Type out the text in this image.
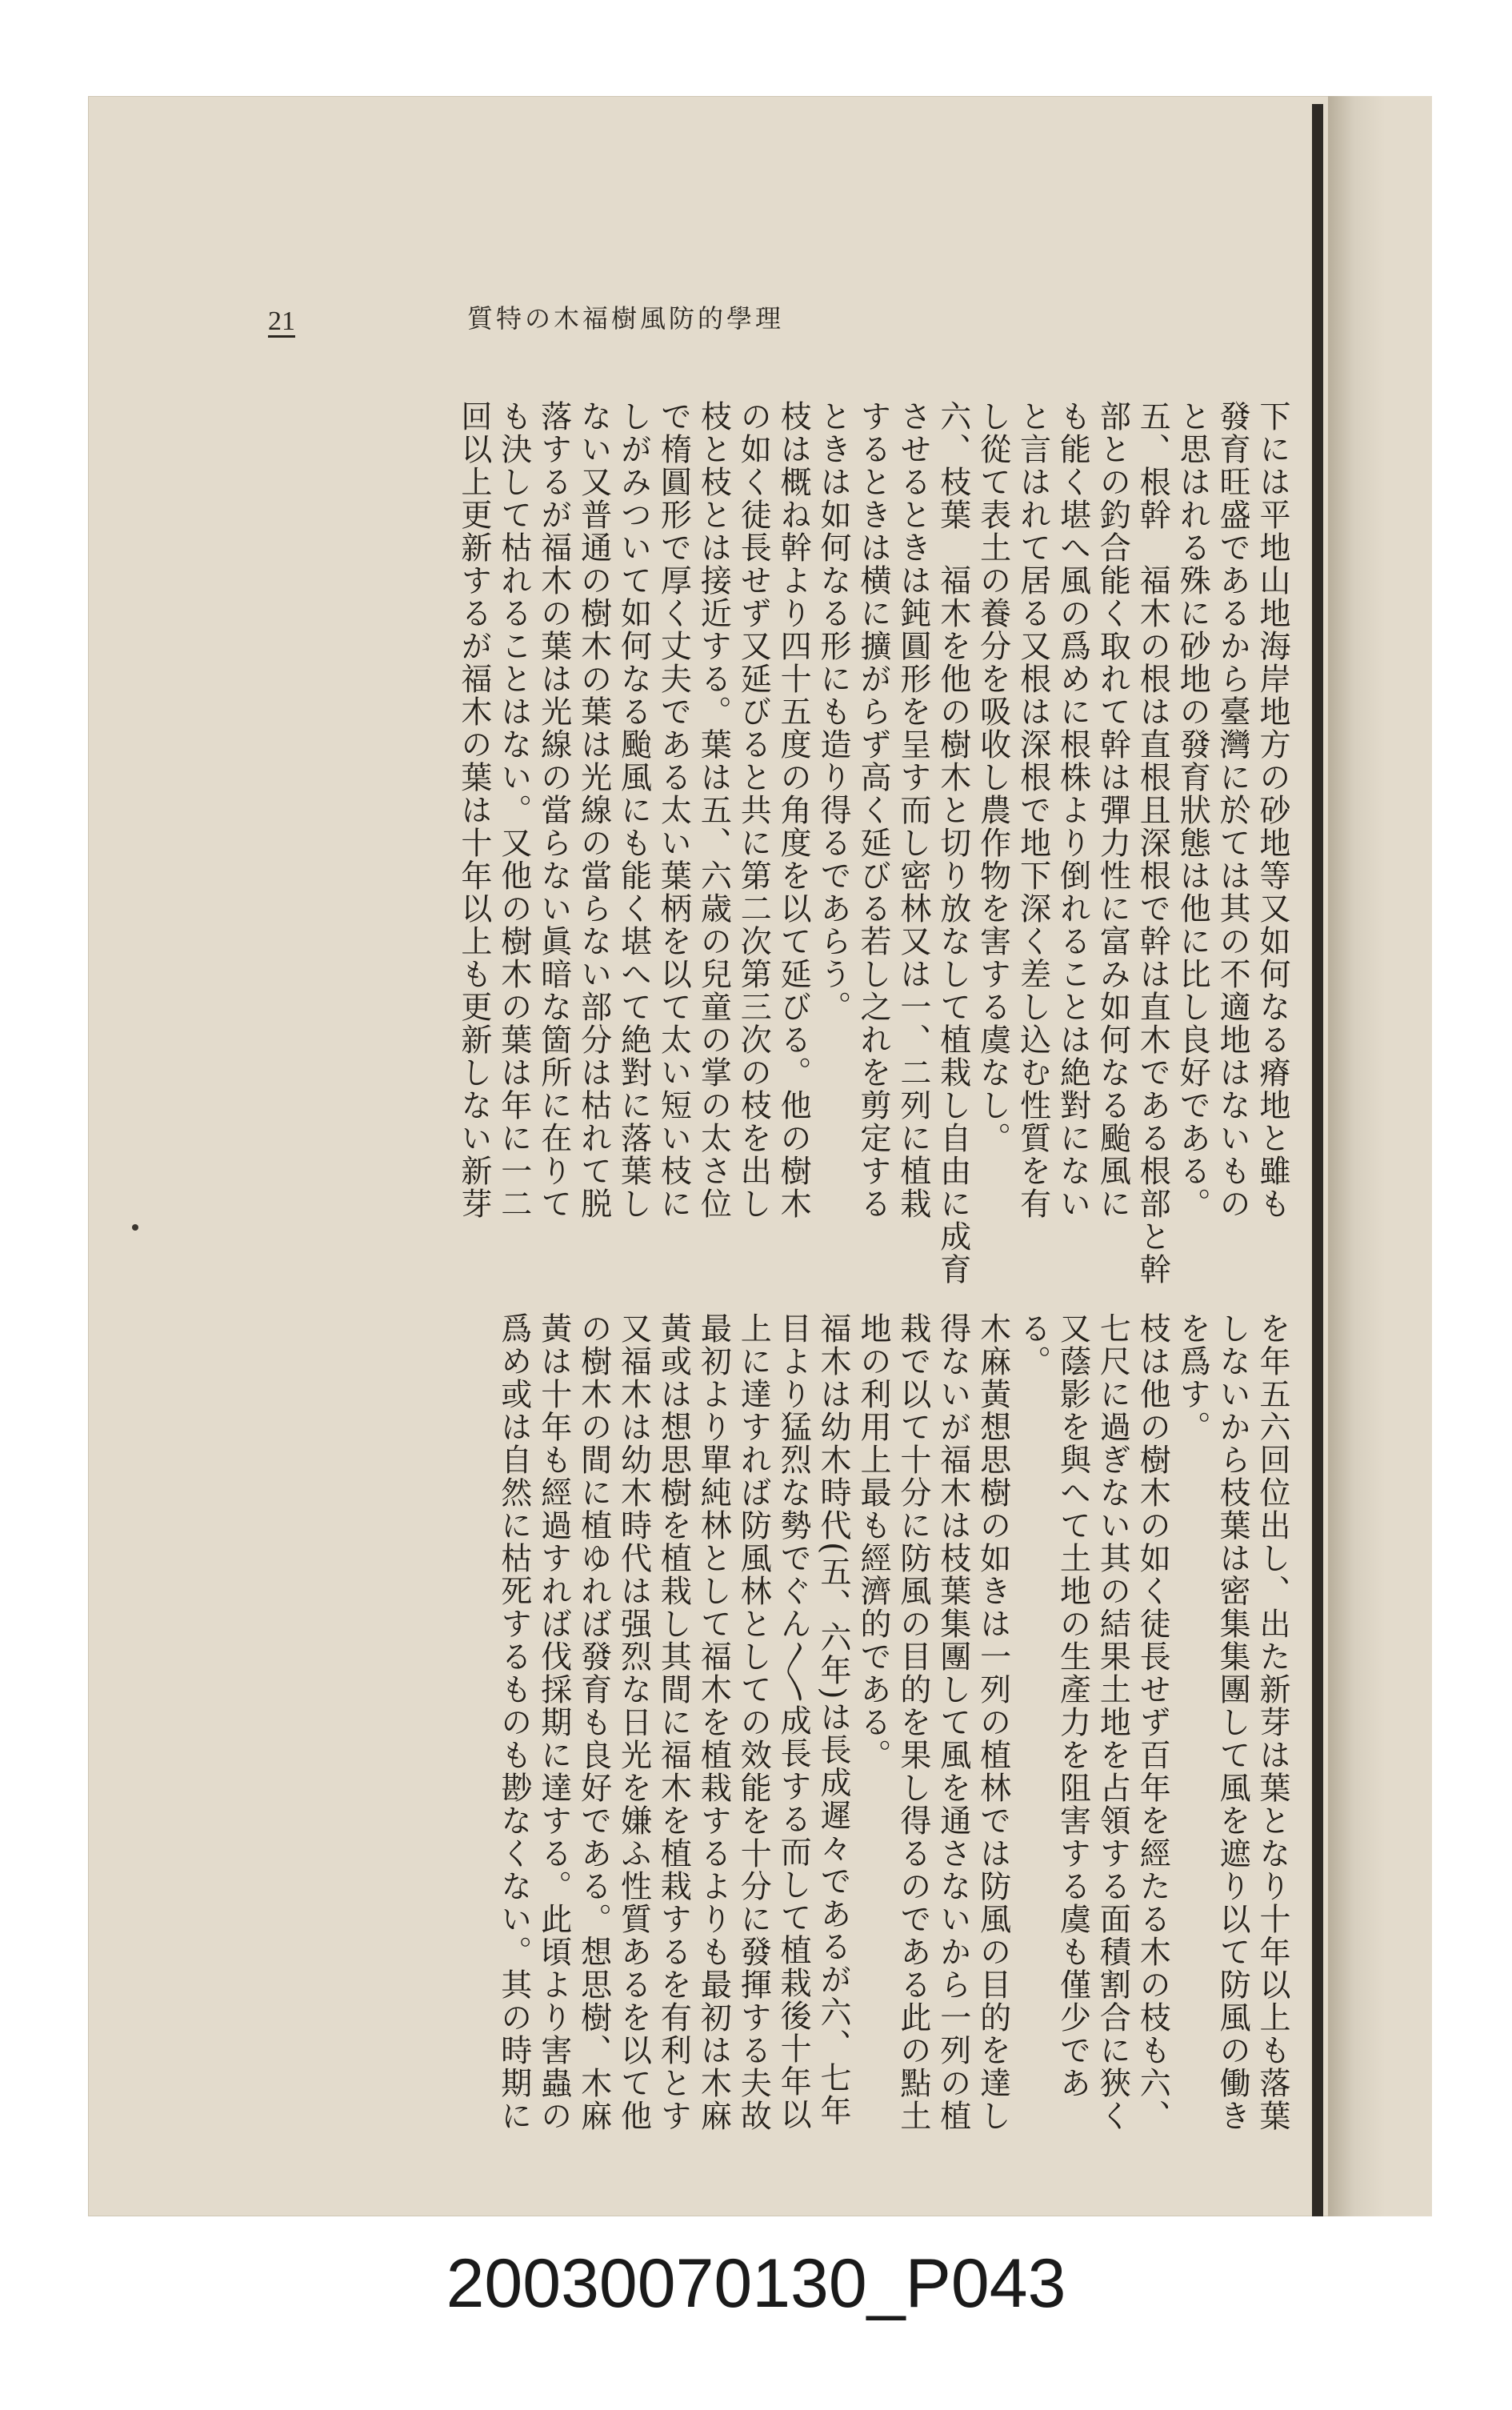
21	理學的防風樹福木の特質
下には平地山地海岸地方の砂地等又如何なる瘠地と雖も
發育旺盛であるから臺灣に於ては其の不適地はないもの
と思はれる殊に砂地の發育狀態は他に比し良好である。
五、根幹　福木の根は直根且深根で幹は直木である根部と幹
部との釣合能く取れて幹は彈力性に富み如何なる颱風に
も能く堪へ風の爲めに根株より倒れることは絶對にない
と言はれて居る又根は深根で地下深く差し込む性質を有
し從て表土の養分を吸收し農作物を害する虞なし。
六、枝葉　福木を他の樹木と切り放なして植栽し自由に成育
させるときは鈍圓形を呈す而し密林又は一、二列に植栽
するときは横に擴がらず高く延びる若し之れを剪定する
ときは如何なる形にも造り得るであらう。
枝は概ね幹より四十五度の角度を以て延びる。他の樹木
の如く徒長せず又延びると共に第二次第三次の枝を出し
枝と枝とは接近する。葉は五、六歳の兒童の掌の太さ位
で楕圓形で厚く丈夫である太い葉柄を以て太い短い枝に
しがみついて如何なる颱風にも能く堪へて絶對に落葉し
ない又普通の樹木の葉は光線の當らない部分は枯れて脱
落するが福木の葉は光線の當らない眞暗な箇所に在りて
も決して枯れることはない。又他の樹木の葉は年に一二
回以上更新するが福木の葉は十年以上も更新しない新芽
を年五六回位出し、出た新芽は葉となり十年以上も落葉
しないから枝葉は密集集團して風を遮り以て防風の働き
を爲す。
枝は他の樹木の如く徒長せず百年を經たる木の枝も六、
七尺に過ぎない其の結果土地を占領する面積割合に狹く
又蔭影を與へて土地の生產力を阻害する虞も僅少であ
る。
木麻黃想思樹の如きは一列の植林では防風の目的を達し
得ないが福木は枝葉集團して風を通さないから一列の植
栽で以て十分に防風の目的を果し得るのである此の點土
地の利用上最も經濟的である。
福木は幼木時代(五、六年)は長成遲々であるが六、七年
目より猛烈な勢でぐん〳〵成長する而して植栽後十年以
上に達すれば防風林としての效能を十分に發揮する夫故
最初より單純林として福木を植栽するよりも最初は木麻
黃或は想思樹を植栽し其間に福木を植栽するを有利とす
又福木は幼木時代は强烈な日光を嫌ふ性質あるを以て他
の樹木の間に植ゆれば發育も良好である。想思樹、木麻
黃は十年も經過すれば伐採期に達する。此頃より害蟲の
爲め或は自然に枯死するものも尠なくない。其の時期に
20030070130_P043
